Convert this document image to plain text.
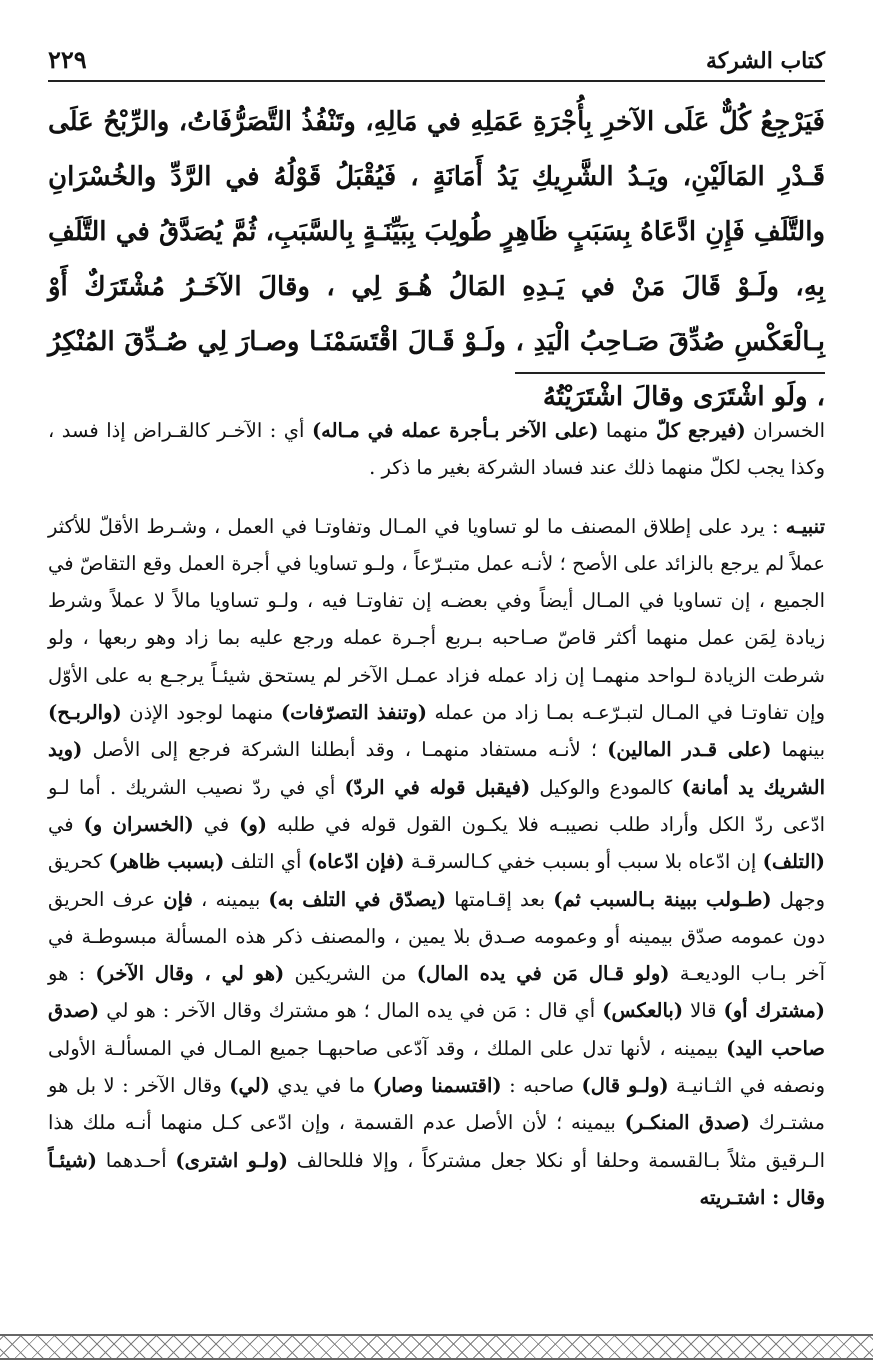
٢٢٩	كتاب الشركة

فَيَرْجِعُ كُلٌّ عَلَى الآخرِ بِأُجْرَةِ عَمَلِهِ في مَالِهِ، وتَنْفُذُ التَّصَرُّفَاتُ، والرِّبْحُ عَلَى قَـدْرِ المَالَيْنِ، ويَـدُ الشَّرِيكِ يَدُ أَمَانَةٍ ، فَيُقْبَلُ قَوْلُهُ في الرَّدِّ والخُسْرَانِ والتَّلَفِ فَإِنِ ادَّعَاهُ بِسَبَبٍ ظَاهِرٍ طُولِبَ بِبَيِّنَـةٍ بِالسَّبَبِ، ثُمَّ يُصَدَّقُ في التَّلَفِ بِهِ، ولَـوْ قَالَ مَنْ في يَـدِهِ المَالُ هُـوَ لِي ، وقالَ الآخَـرُ مُشْتَرَكٌ أَوْ بِـالْعَكْسِ صُدِّقَ صَـاحِبُ الْيَدِ ، ولَـوْ قَـالَ اقْتَسَمْنَـا وصـارَ لِي صُـدِّقَ المُنْكِرُ ، ولَو اشْتَرَى وقالَ اشْتَرَيْتُهُ

الخسران (فيرجع كلّ منهما (على الآخر بـأجرة عمله في مـاله) أي : الآخـر كالقـراض إذا فسد ، وكذا يجب لكلّ منهما ذلك عند فساد الشركة بغير ما ذكر .

تنبيـه : يرد على إطلاق المصنف ما لو تساويا في المـال وتفاوتـا في العمل ، وشـرط الأقلّ للأكثر عملاً لم يرجع بالزائد على الأصح ؛ لأنـه عمل متبـرّعاً ، ولـو تساويا في أجرة العمل وقع التقاصّ في الجميع ، إن تساويا في المـال أيضاً وفي بعضـه إن تفاوتـا فيه ، ولـو تساويا مالاً لا عملاً وشرط زيادة لِمَن عمل منهما أكثر قاصّ صـاحبه بـربع أجـرة عمله ورجع عليه بما زاد وهو ربعها ، ولو شرطت الزيادة لـواحد منهمـا إن زاد عمله فزاد عمـل الآخر لم يستحق شيئـاً يرجـع به على الأوّل وإن تفاوتـا في المـال لتبـرّعـه بمـا زاد من عمله (وتنفذ التصرّفات) منهما لوجود الإذن (والربـح) بينهما (على قـدر المالين) ؛ لأنـه مستفاد منهمـا ، وقد أبطلنا الشركة فرجع إلى الأصل (ويد الشريك يد أمانة) كالمودع والوكيل (فيقبل قوله في الردّ) أي في ردّ نصيب الشريك . أما لـو ادّعى ردّ الكل وأراد طلب نصيبـه فلا يكـون القول قوله في طلبه (و) في (الخسران و) في (التلف) إن ادّعاه بلا سبب أو بسبب خفي كـالسرقـة (فإن ادّعاه) أي التلف (بسبب ظاهر) كحريق وجهل (طـولب ببينة بـالسبب ثم) بعد إقـامتها (يصدّق في التلف به) بيمينه ، فإن عرف الحريق دون عمومه صدّق بيمينه أو وعمومه صـدق بلا يمين ، والمصنف ذكر هذه المسألة مبسوطـة في آخر بـاب الوديعـة (ولو قـال مَن في يده المال) من الشريكين (هو لي ، وقال الآخر) : هو (مشترك أو) قالا (بالعكس) أي قال : مَن في يده المال ؛ هو مشترك وقال الآخر : هو لي (صدق صاحب اليد) بيمينه ، لأنها تدل على الملك ، وقد آدّعى صاحبهـا جميع المـال في المسألـة الأولى ونصفه في الثـانيـة (ولـو قال) صاحبه : (اقتسمنا وصار) ما في يدي (لي) وقال الآخر : لا بل هو مشتـرك (صدق المنكـر) بيمينه ؛ لأن الأصل عدم القسمة ، وإن ادّعى كـل منهما أنـه ملك هذا الـرقيق مثلاً بـالقسمة وحلفا أو نكلا جعل مشتركاً ، وإلا فللحالف (ولـو اشترى) أحـدهما (شيئـاً وقال : اشتـريته
